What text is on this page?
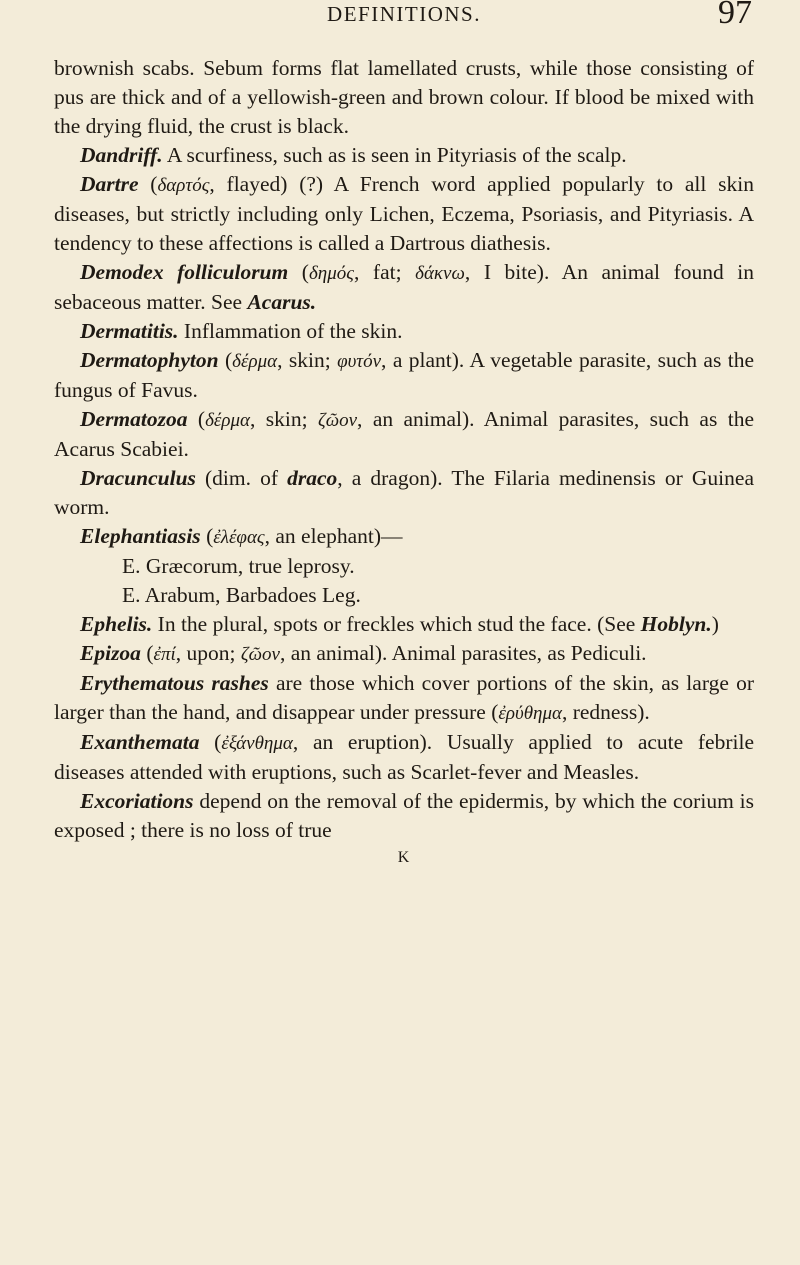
DEFINITIONS.	97

brownish scabs. Sebum forms flat lamellated crusts, while those consisting of pus are thick and of a yellowish-green and brown colour. If blood be mixed with the drying fluid, the crust is black.

Dandriff. A scurfiness, such as is seen in Pityriasis of the scalp.

Dartre (δαρτός, flayed) (?) A French word applied popularly to all skin diseases, but strictly including only Lichen, Eczema, Psoriasis, and Pityriasis. A tendency to these affections is called a Dartrous diathesis.

Demodex folliculorum (δημός, fat; δάκνω, I bite). An animal found in sebaceous matter. See Acarus.

Dermatitis. Inflammation of the skin.

Dermatophyton (δέρμα, skin; φυτόν, a plant). A vegetable parasite, such as the fungus of Favus.

Dermatozoa (δέρμα, skin; ζῶον, an animal). Animal parasites, such as the Acarus Scabiei.

Dracunculus (dim. of draco, a dragon). The Filaria medinensis or Guinea worm.

Elephantiasis (ἐλέφας, an elephant)—

E. Græcorum, true leprosy.

E. Arabum, Barbadoes Leg.

Ephelis. In the plural, spots or freckles which stud the face. (See Hoblyn.)

Epizoa (ἐπί, upon; ζῶον, an animal). Animal parasites, as Pediculi.

Erythematous rashes are those which cover portions of the skin, as large or larger than the hand, and disappear under pressure (ἐρύθημα, redness).

Exanthemata (ἐξάνθημα, an eruption). Usually applied to acute febrile diseases attended with eruptions, such as Scarlet-fever and Measles.

Excoriations depend on the removal of the epidermis, by which the corium is exposed ; there is no loss of true

K
